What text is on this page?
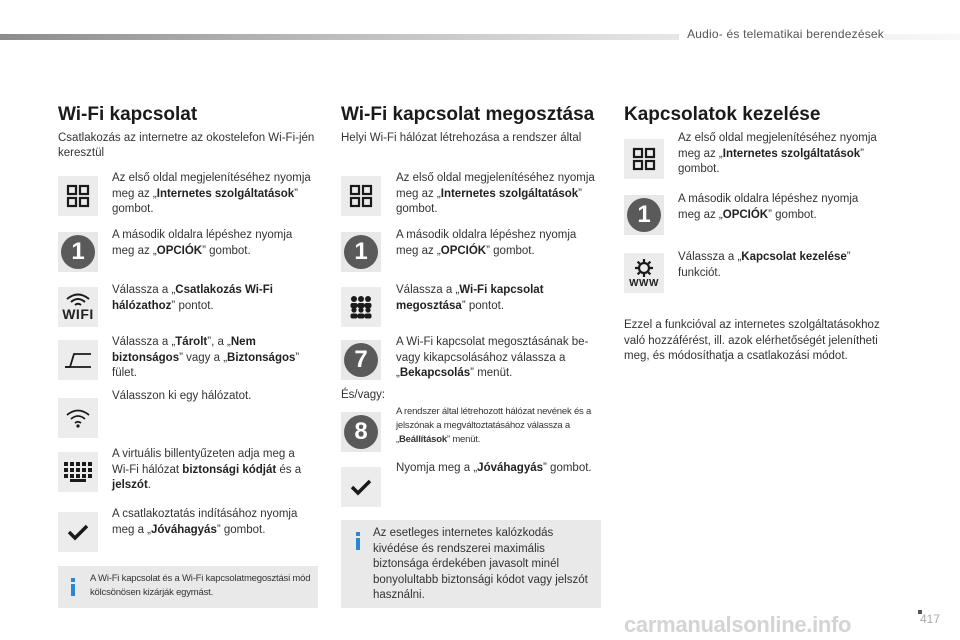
Audio- és telematikai berendezések
Wi-Fi kapcsolat
Csatlakozás az internetre az okostelefon Wi-Fi-jén keresztül
Az első oldal megjelenítéséhez nyomja meg az „Internetes szolgáltatások” gombot.
1
A második oldalra lépéshez nyomja meg az „OPCIÓK” gombot.
WIFI
Válassza a „Csatlakozás Wi-Fi hálózathoz” pontot.
Válassza a „Tárolt”, a „Nem biztonságos” vagy a „Biztonságos” fület.
Válasszon ki egy hálózatot.
A virtuális billentyűzeten adja meg a Wi-Fi hálózat biztonsági kódját és a jelszót.
A csatlakoztatás indításához nyomja meg a „Jóváhagyás” gombot.
A Wi-Fi kapcsolat és a Wi-Fi kapcsolatmegosztási mód kölcsönösen kizárják egymást.
Wi-Fi kapcsolat megosztása
Helyi Wi-Fi hálózat létrehozása a rendszer által
Az első oldal megjelenítéséhez nyomja meg az „Internetes szolgáltatások” gombot.
1
A második oldalra lépéshez nyomja meg az „OPCIÓK” gombot.
Válassza a „Wi-Fi kapcsolat megosztása” pontot.
7
A Wi-Fi kapcsolat megosztásának be- vagy kikapcsolásához válassza a „Bekapcsolás” menüt.
És/vagy:
8
A rendszer által létrehozott hálózat nevének és a jelszónak a megváltoztatásához válassza a „Beállítások” menüt.
Nyomja meg a „Jóváhagyás” gombot.
Az esetleges internetes kalózkodás kivédése és rendszerei maximális biztonsága érdekében javasolt minél bonyolultabb biztonsági kódot vagy jelszót használni.
Kapcsolatok kezelése
Az első oldal megjelenítéséhez nyomja meg az „Internetes szolgáltatások” gombot.
1
A második oldalra lépéshez nyomja meg az „OPCIÓK” gombot.
WWW
Válassza a „Kapcsolat kezelése” funkciót.
Ezzel a funkcióval az internetes szolgáltatásokhoz való hozzáférést, ill. azok elérhetőségét jelenítheti meg, és módosíthatja a csatlakozási módot.
carmanualsonline.info	417
